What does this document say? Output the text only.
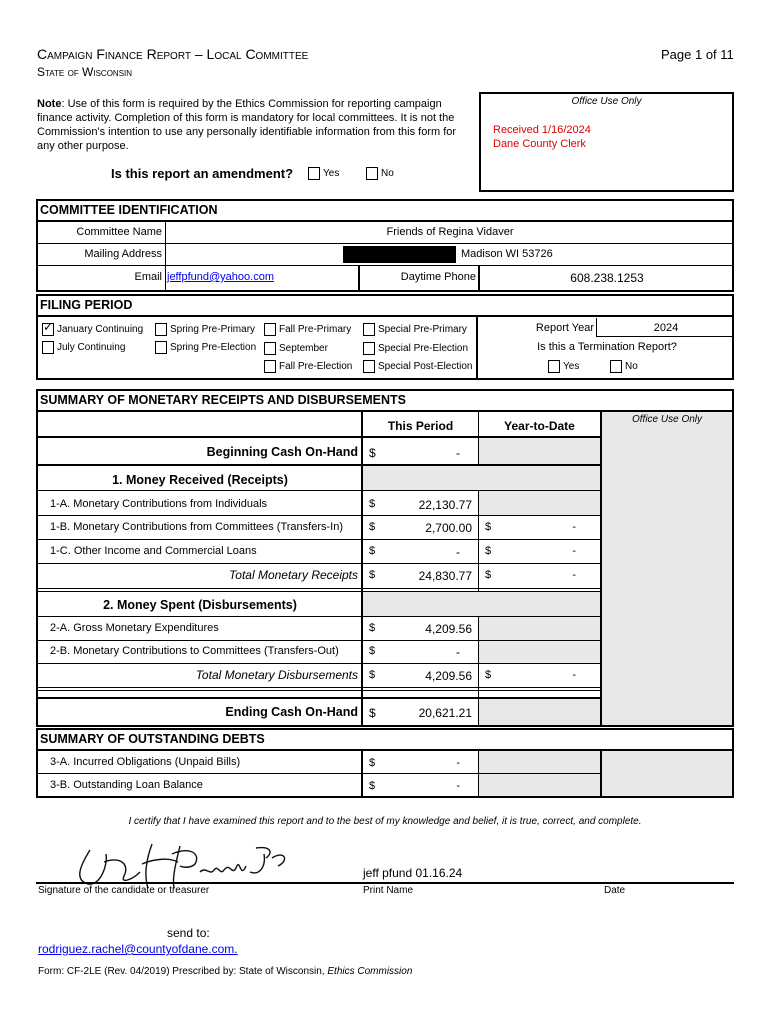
Campaign Finance Report – Local Committee
State of Wisconsin
Page 1 of 11
Note: Use of this form is required by the Ethics Commission for reporting campaign finance activity. Completion of this form is mandatory for local committees. It is not the Commission's intention to use any personally identifiable information from this form for any other purpose.
Office Use Only
Received 1/16/2024
Dane County Clerk
Is this report an amendment?	Yes	No
COMMITTEE IDENTIFICATION
Committee Name	Friends of Regina Vidaver
Mailing Address	Madison WI 53726
Email jeffpfund@yahoo.com	Daytime Phone	608.238.1253
FILING PERIOD
✓January Continuing
July Continuing
Spring Pre-Primary
Spring Pre-Election
Fall Pre-Primary
September
Fall Pre-Election
Special Pre-Primary
Special Pre-Election
Special Post-Election
Report Year	2024
Is this a Termination Report?
Yes	No
SUMMARY OF MONETARY RECEIPTS AND DISBURSEMENTS
Office Use Only
This Period	Year-to-Date
Beginning Cash On-Hand $	-
1. Money Received (Receipts)
1-A. Monetary Contributions from Individuals	$	22,130.77
1-B. Monetary Contributions from Committees (Transfers-In) $	2,700.00 $	-
1-C. Other Income and Commercial Loans	$	- $	-
Total Monetary Receipts $	24,830.77 $	-
2. Money Spent (Disbursements)
2-A. Gross Monetary Expenditures	$	4,209.56
2-B. Monetary Contributions to Committees (Transfers-Out)	$	-
Total Monetary Disbursements $	4,209.56 $	-
Ending Cash On-Hand $	20,621.21
SUMMARY OF OUTSTANDING DEBTS
3-A. Incurred Obligations (Unpaid Bills)	$	-
3-B. Outstanding Loan Balance	$	-
I certify that I have examined this report and to the best of my knowledge and belief, it is true, correct, and complete.
Signature of the candidate or treasurer
jeff pfund 01.16.24
Print Name	Date
send to:
rodriguez.rachel@countyofdane.com.
Form: CF-2LE (Rev. 04/2019) Prescribed by: State of Wisconsin, Ethics Commission
